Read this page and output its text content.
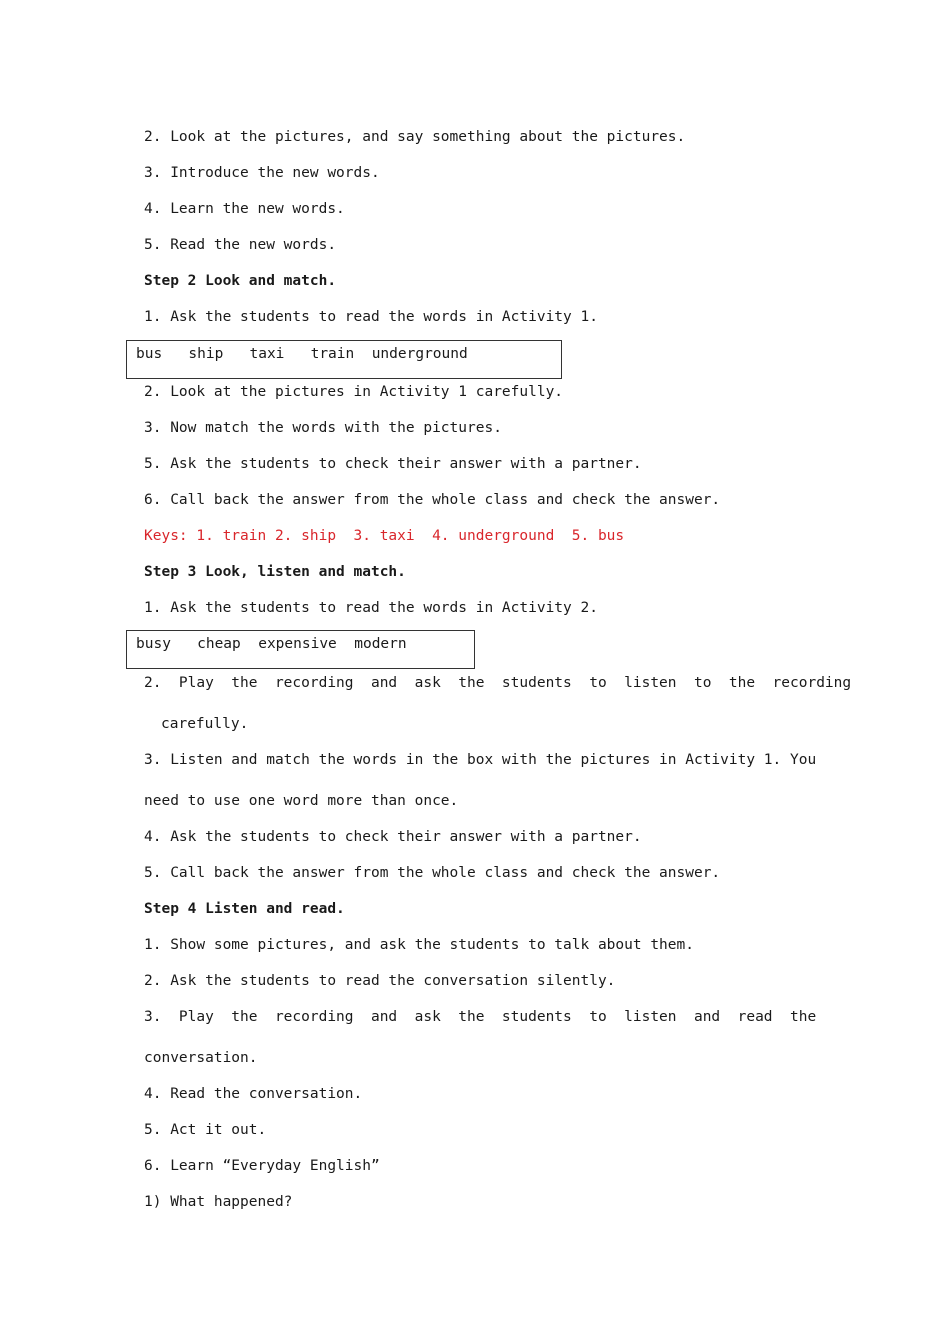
2. Look at the pictures, and say something about the pictures.
3. Introduce the new words.
4. Learn the new words.
5. Read the new words.
Step 2 Look and match.
1. Ask the students to read the words in Activity 1.
bus   ship   taxi   train  underground
2. Look at the pictures in Activity 1 carefully.
3. Now match the words with the pictures.
5. Ask the students to check their answer with a partner.
6. Call back the answer from the whole class and check the answer.
Keys: 1. train 2. ship  3. taxi  4. underground  5. bus
Step 3 Look, listen and match.
1. Ask the students to read the words in Activity 2.
busy   cheap  expensive  modern
2.  Play  the  recording  and  ask  the  students  to  listen  to  the  recording
carefully.
3. Listen and match the words in the box with the pictures in Activity 1. You
need to use one word more than once.
4. Ask the students to check their answer with a partner.
5. Call back the answer from the whole class and check the answer.
Step 4 Listen and read.
1. Show some pictures, and ask the students to talk about them.
2. Ask the students to read the conversation silently.
3.  Play  the  recording  and  ask  the  students  to  listen  and  read  the
conversation.
4. Read the conversation.
5. Act it out.
6. Learn “Everyday English”
1) What happened?
